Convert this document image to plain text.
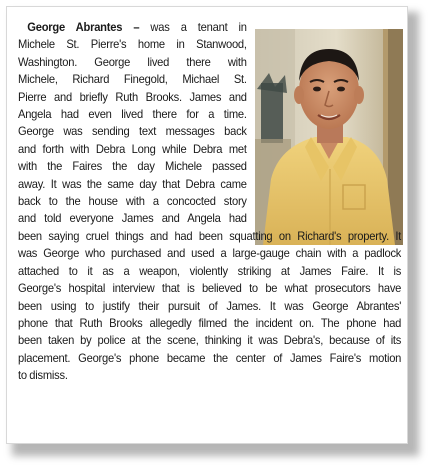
George Abrantes – was a tenant in
Michele St. Pierre's home in Stanwood,
Washington. George lived there with
Michele, Richard Finegold, Michael St.
Pierre and briefly Ruth Brooks. James and
Angela had even lived there for a time.
George was sending text messages back
and forth with Debra Long while Debra met
with the Faires the day Michele passed
away. It was the same day that Debra came
back to the house with a concocted story
and told everyone James and Angela had
been saying cruel things and had been squatting on Richard's property. It
was George who purchased and used a large-gauge chain with a padlock
attached to it as a weapon, violently striking at James Faire. It is
George's hospital interview that is believed to be what prosecutors have
been using to justify their pursuit of James. It was George Abrantes'
phone that Ruth Brooks allegedly filmed the incident on. The phone had
been taken by police at the scene, thinking it was Debra's, because of its
placement. George's phone became the center of James Faire's motion
to dismiss.
